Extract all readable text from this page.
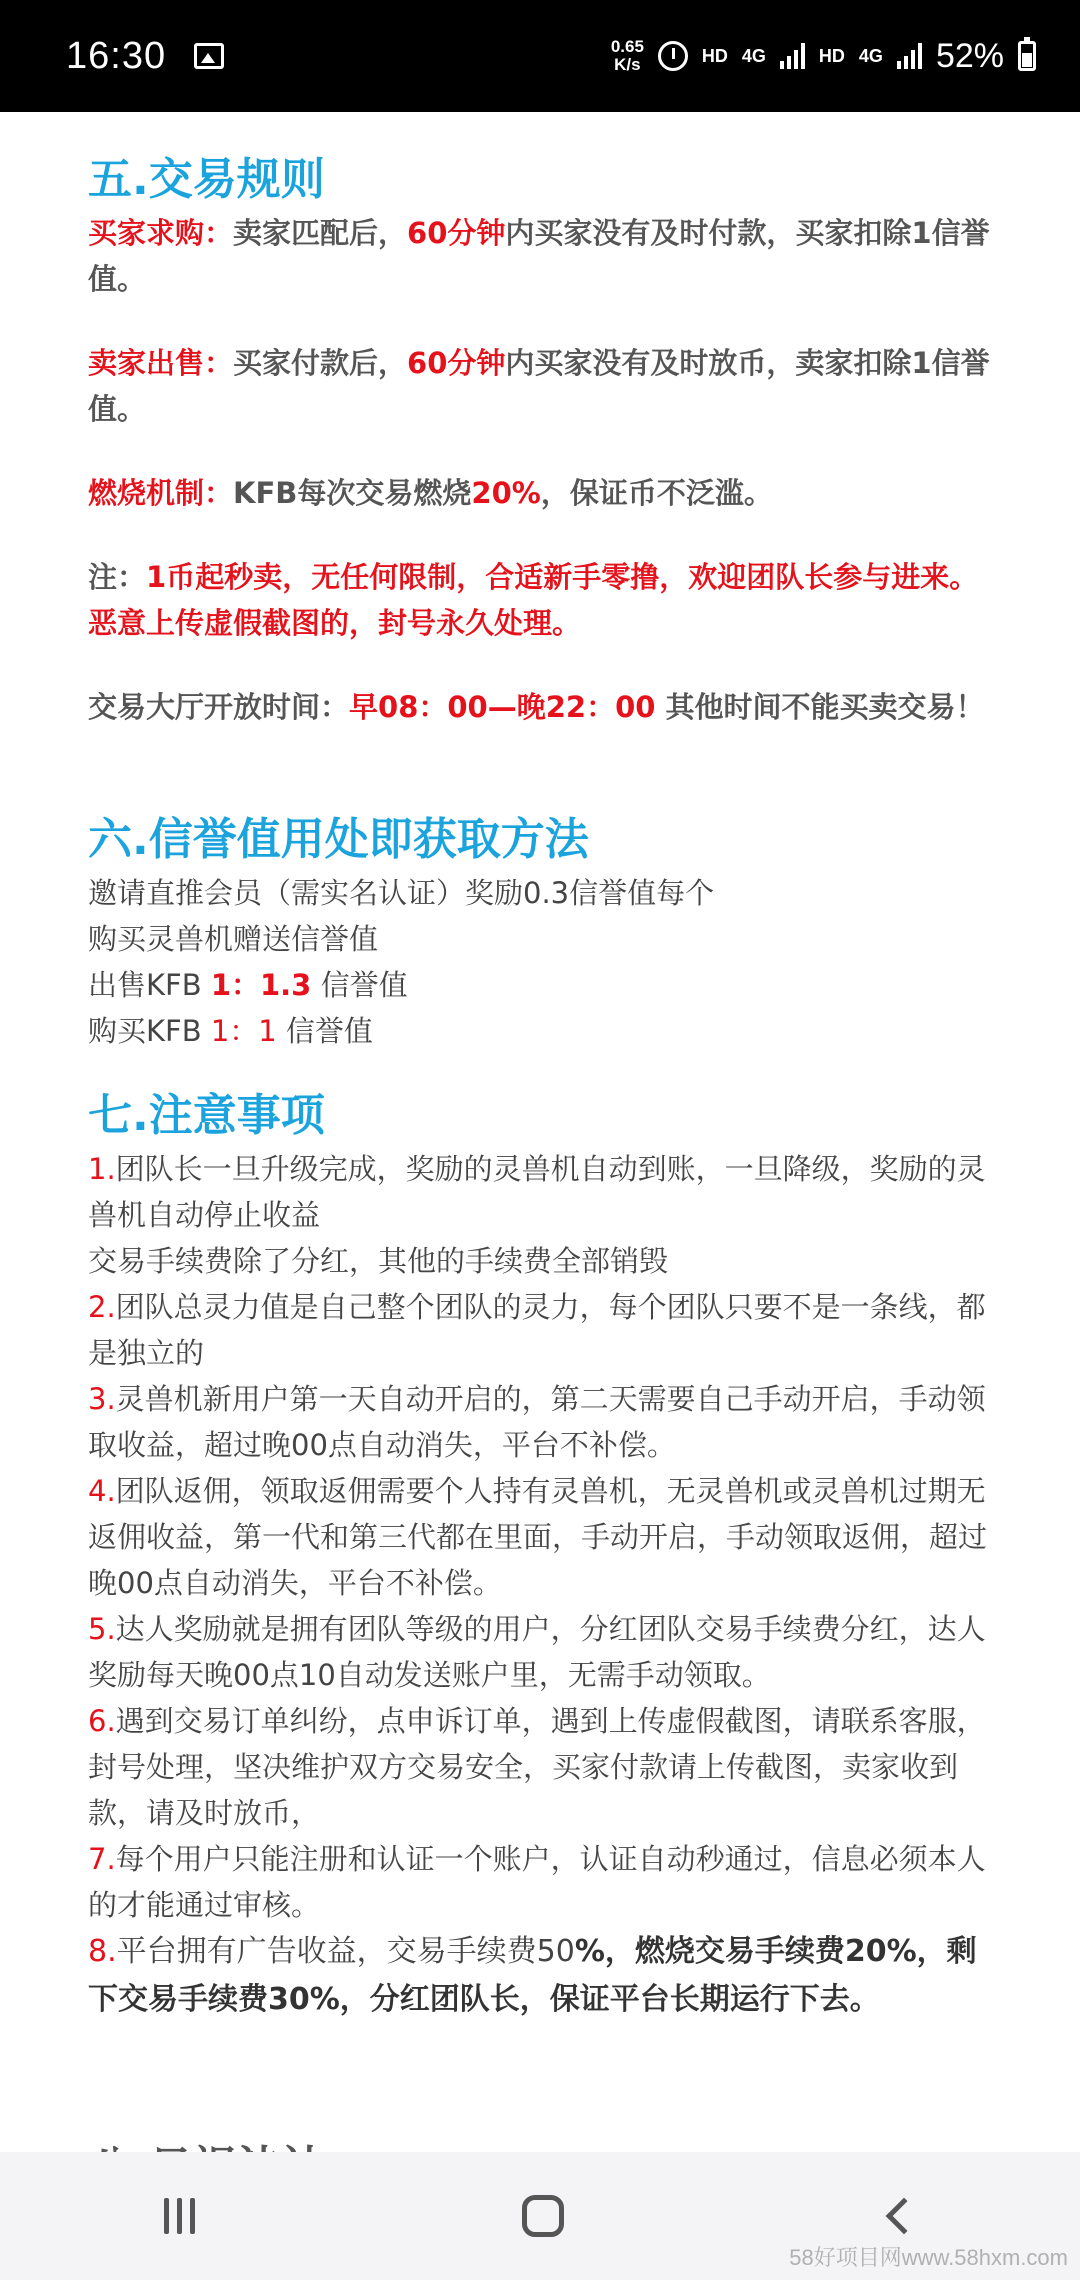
16:30	0.65
K/s	HD 4G	HD 4G 52%
五.交易规则

买家求购：卖家匹配后，60分钟内买家没有及时付款，买家扣除1信誉值。

卖家出售：买家付款后，60分钟内买家没有及时放币，卖家扣除1信誉值。

燃烧机制：KFB每次交易燃烧20%，保证币不泛滥。

注：1币起秒卖，无任何限制，合适新手零撸，欢迎团队长参与进来。恶意上传虚假截图的，封号永久处理。

交易大厅开放时间：早08：00—晚22：00 其他时间不能买卖交易！

六.信誉值用处即获取方法

邀请直推会员（需实名认证）奖励0.3信誉值每个

购买灵兽机赠送信誉值

出售KFB 1：1.3 信誉值

购买KFB 1：1 信誉值

七.注意事项

1.团队长一旦升级完成，奖励的灵兽机自动到账，一旦降级，奖励的灵兽机自动停止收益

交易手续费除了分红，其他的手续费全部销毁

2.团队总灵力值是自己整个团队的灵力，每个团队只要不是一条线，都是独立的

3.灵兽机新用户第一天自动开启的，第二天需要自己手动开启，手动领取收益，超过晚00点自动消失，平台不补偿。

4.团队返佣，领取返佣需要个人持有灵兽机，无灵兽机或灵兽机过期无返佣收益，第一代和第三代都在里面，手动开启，手动领取返佣，超过晚00点自动消失，平台不补偿。

5.达人奖励就是拥有团队等级的用户，分红团队交易手续费分红，达人奖励每天晚00点10自动发送账户里，无需手动领取。

6.遇到交易订单纠纷，点申诉订单，遇到上传虚假截图，请联系客服，封号处理，坚决维护双方交易安全，买家付款请上传截图，卖家收到款，请及时放币，

7.每个用户只能注册和认证一个账户，认证自动秒通过，信息必须本人的才能通过审核。

8.平台拥有广告收益，交易手续费50%，燃烧交易手续费20%，剩下交易手续费30%，分红团队长，保证平台长期运行下去。

58好项目网www.58hxm.com
